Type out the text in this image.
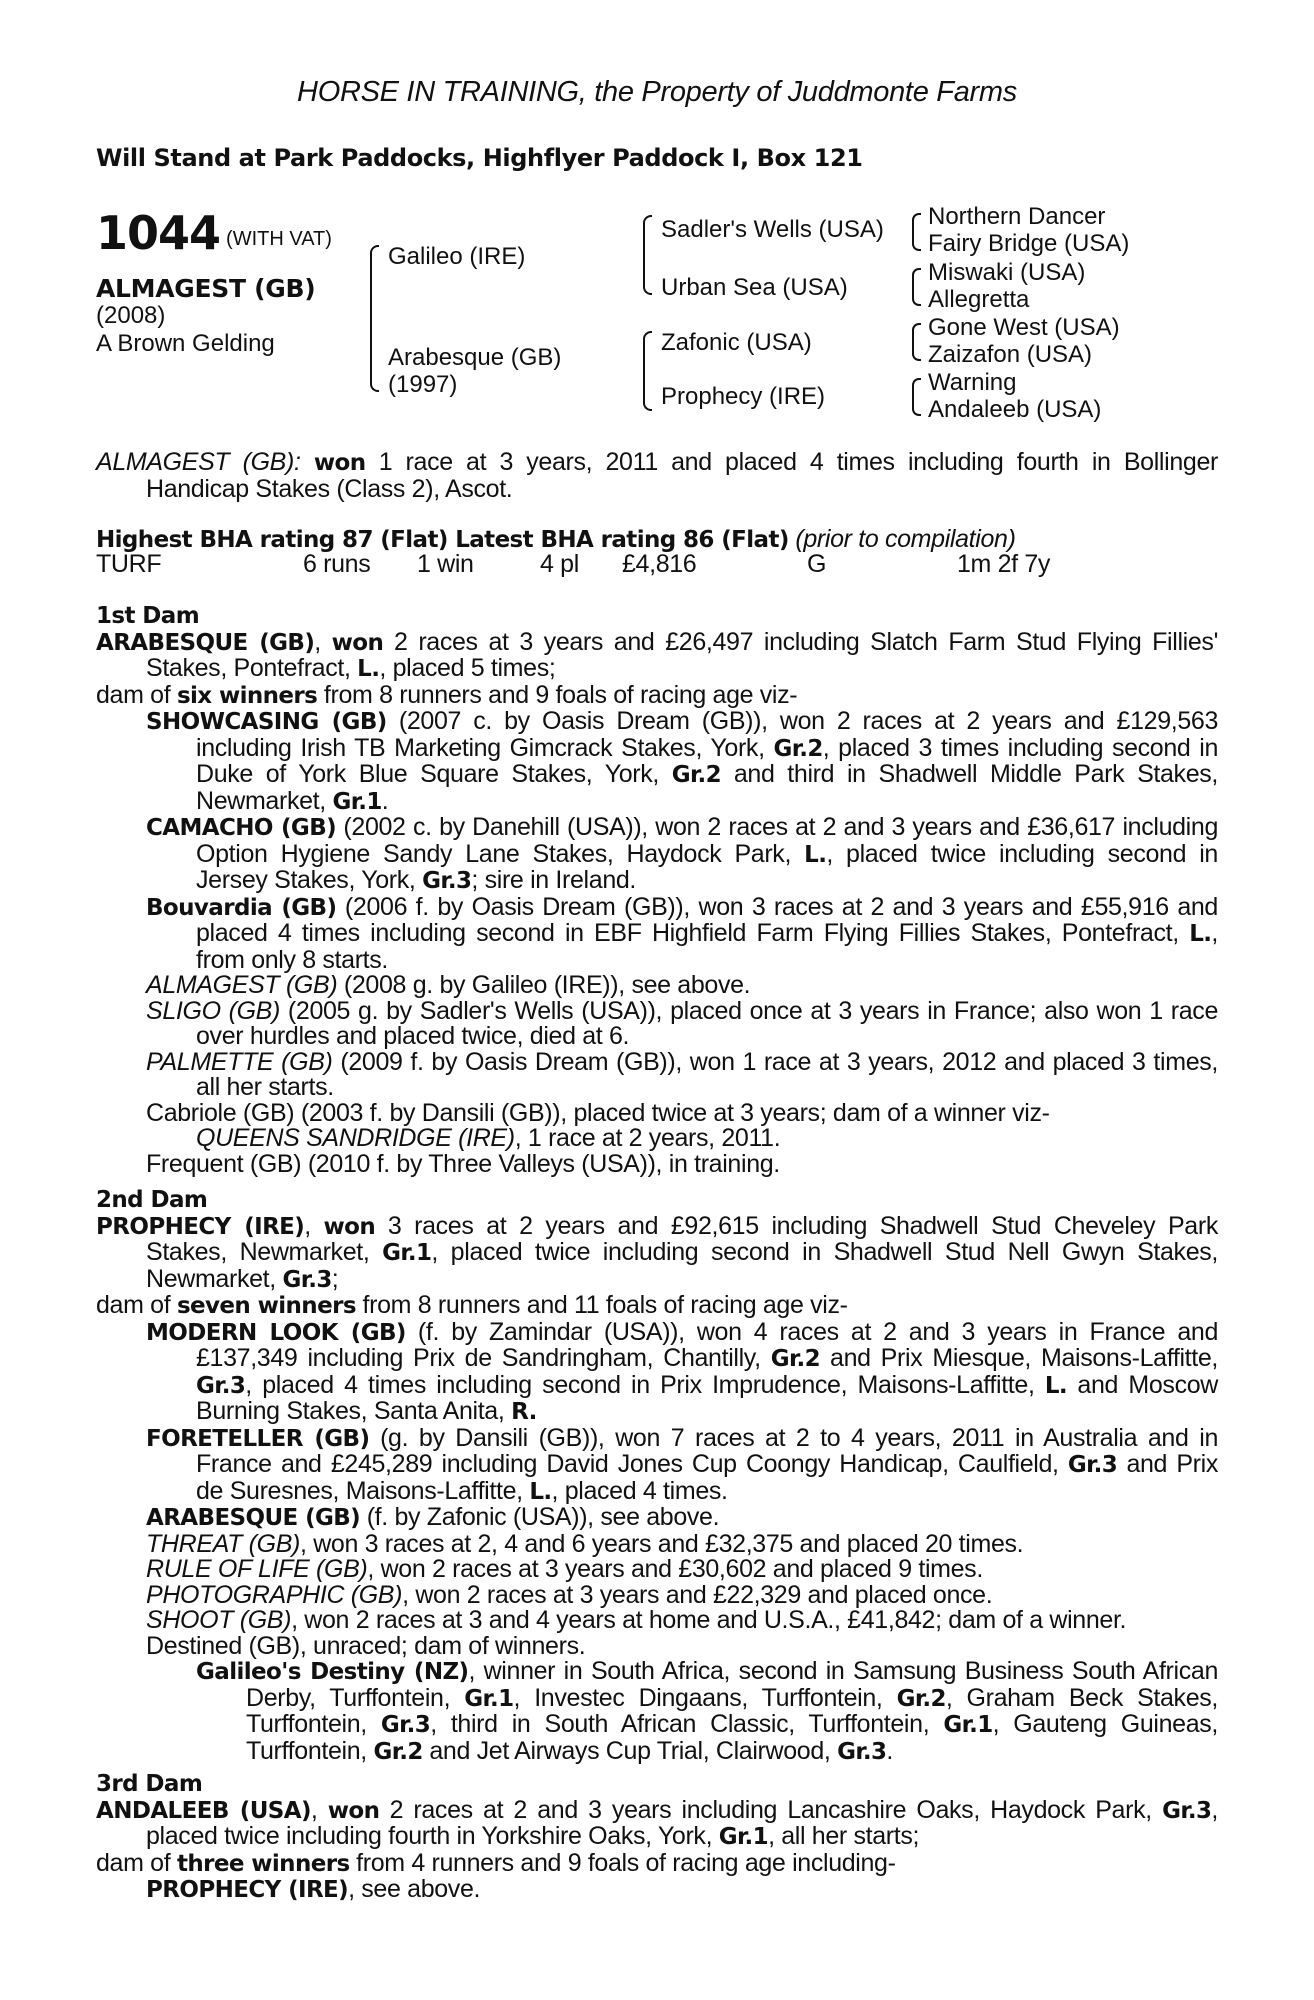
HORSE IN TRAINING, the Property of Juddmonte Farms
Will Stand at Park Paddocks, Highflyer Paddock I, Box 121
1044 (WITH VAT)
ALMAGEST (GB)
(2008)
A Brown Gelding
Galileo (IRE)
Arabesque (GB)
(1997)
Sadler's Wells (USA)
Urban Sea (USA)
Zafonic (USA)
Prophecy (IRE)
Northern Dancer
Fairy Bridge (USA)
Miswaki (USA)
Allegretta
Gone West (USA)
Zaizafon (USA)
Warning
Andaleeb (USA)

ALMAGEST (GB): won 1 race at 3 years, 2011 and placed 4 times including fourth in Bollinger Handicap Stakes (Class 2), Ascot.

Highest BHA rating 87 (Flat) Latest BHA rating 86 (Flat) (prior to compilation)
TURF	6 runs	1 win	4 pl	£4,816	G	1m 2f 7y
1st Dam

ARABESQUE (GB), won 2 races at 3 years and £26,497 including Slatch Farm Stud Flying Fillies' Stakes, Pontefract, L., placed 5 times;

dam of six winners from 8 runners and 9 foals of racing age viz-

SHOWCASING (GB) (2007 c. by Oasis Dream (GB)), won 2 races at 2 years and £129,563 including Irish TB Marketing Gimcrack Stakes, York, Gr.2, placed 3 times including second in Duke of York Blue Square Stakes, York, Gr.2 and third in Shadwell Middle Park Stakes, Newmarket, Gr.1.

CAMACHO (GB) (2002 c. by Danehill (USA)), won 2 races at 2 and 3 years and £36,617 including Option Hygiene Sandy Lane Stakes, Haydock Park, L., placed twice including second in Jersey Stakes, York, Gr.3; sire in Ireland.

Bouvardia (GB) (2006 f. by Oasis Dream (GB)), won 3 races at 2 and 3 years and £55,916 and placed 4 times including second in EBF Highfield Farm Flying Fillies Stakes, Pontefract, L., from only 8 starts.

ALMAGEST (GB) (2008 g. by Galileo (IRE)), see above.

SLIGO (GB) (2005 g. by Sadler's Wells (USA)), placed once at 3 years in France; also won 1 race over hurdles and placed twice, died at 6.

PALMETTE (GB) (2009 f. by Oasis Dream (GB)), won 1 race at 3 years, 2012 and placed 3 times, all her starts.

Cabriole (GB) (2003 f. by Dansili (GB)), placed twice at 3 years; dam of a winner viz-

QUEENS SANDRIDGE (IRE), 1 race at 2 years, 2011.

Frequent (GB) (2010 f. by Three Valleys (USA)), in training.

2nd Dam

PROPHECY (IRE), won 3 races at 2 years and £92,615 including Shadwell Stud Cheveley Park Stakes, Newmarket, Gr.1, placed twice including second in Shadwell Stud Nell Gwyn Stakes, Newmarket, Gr.3;

dam of seven winners from 8 runners and 11 foals of racing age viz-

MODERN LOOK (GB) (f. by Zamindar (USA)), won 4 races at 2 and 3 years in France and £137,349 including Prix de Sandringham, Chantilly, Gr.2 and Prix Miesque, Maisons-Laffitte, Gr.3, placed 4 times including second in Prix Imprudence, Maisons-Laffitte, L. and Moscow Burning Stakes, Santa Anita, R.

FORETELLER (GB) (g. by Dansili (GB)), won 7 races at 2 to 4 years, 2011 in Australia and in France and £245,289 including David Jones Cup Coongy Handicap, Caulfield, Gr.3 and Prix de Suresnes, Maisons-Laffitte, L., placed 4 times.

ARABESQUE (GB) (f. by Zafonic (USA)), see above.

THREAT (GB), won 3 races at 2, 4 and 6 years and £32,375 and placed 20 times.

RULE OF LIFE (GB), won 2 races at 3 years and £30,602 and placed 9 times.

PHOTOGRAPHIC (GB), won 2 races at 3 years and £22,329 and placed once.

SHOOT (GB), won 2 races at 3 and 4 years at home and U.S.A., £41,842; dam of a winner.

Destined (GB), unraced; dam of winners.

Galileo's Destiny (NZ), winner in South Africa, second in Samsung Business South African Derby, Turffontein, Gr.1, Investec Dingaans, Turffontein, Gr.2, Graham Beck Stakes, Turffontein, Gr.3, third in South African Classic, Turffontein, Gr.1, Gauteng Guineas, Turffontein, Gr.2 and Jet Airways Cup Trial, Clairwood, Gr.3.

3rd Dam

ANDALEEB (USA), won 2 races at 2 and 3 years including Lancashire Oaks, Haydock Park, Gr.3, placed twice including fourth in Yorkshire Oaks, York, Gr.1, all her starts;

dam of three winners from 4 runners and 9 foals of racing age including-

PROPHECY (IRE), see above.
